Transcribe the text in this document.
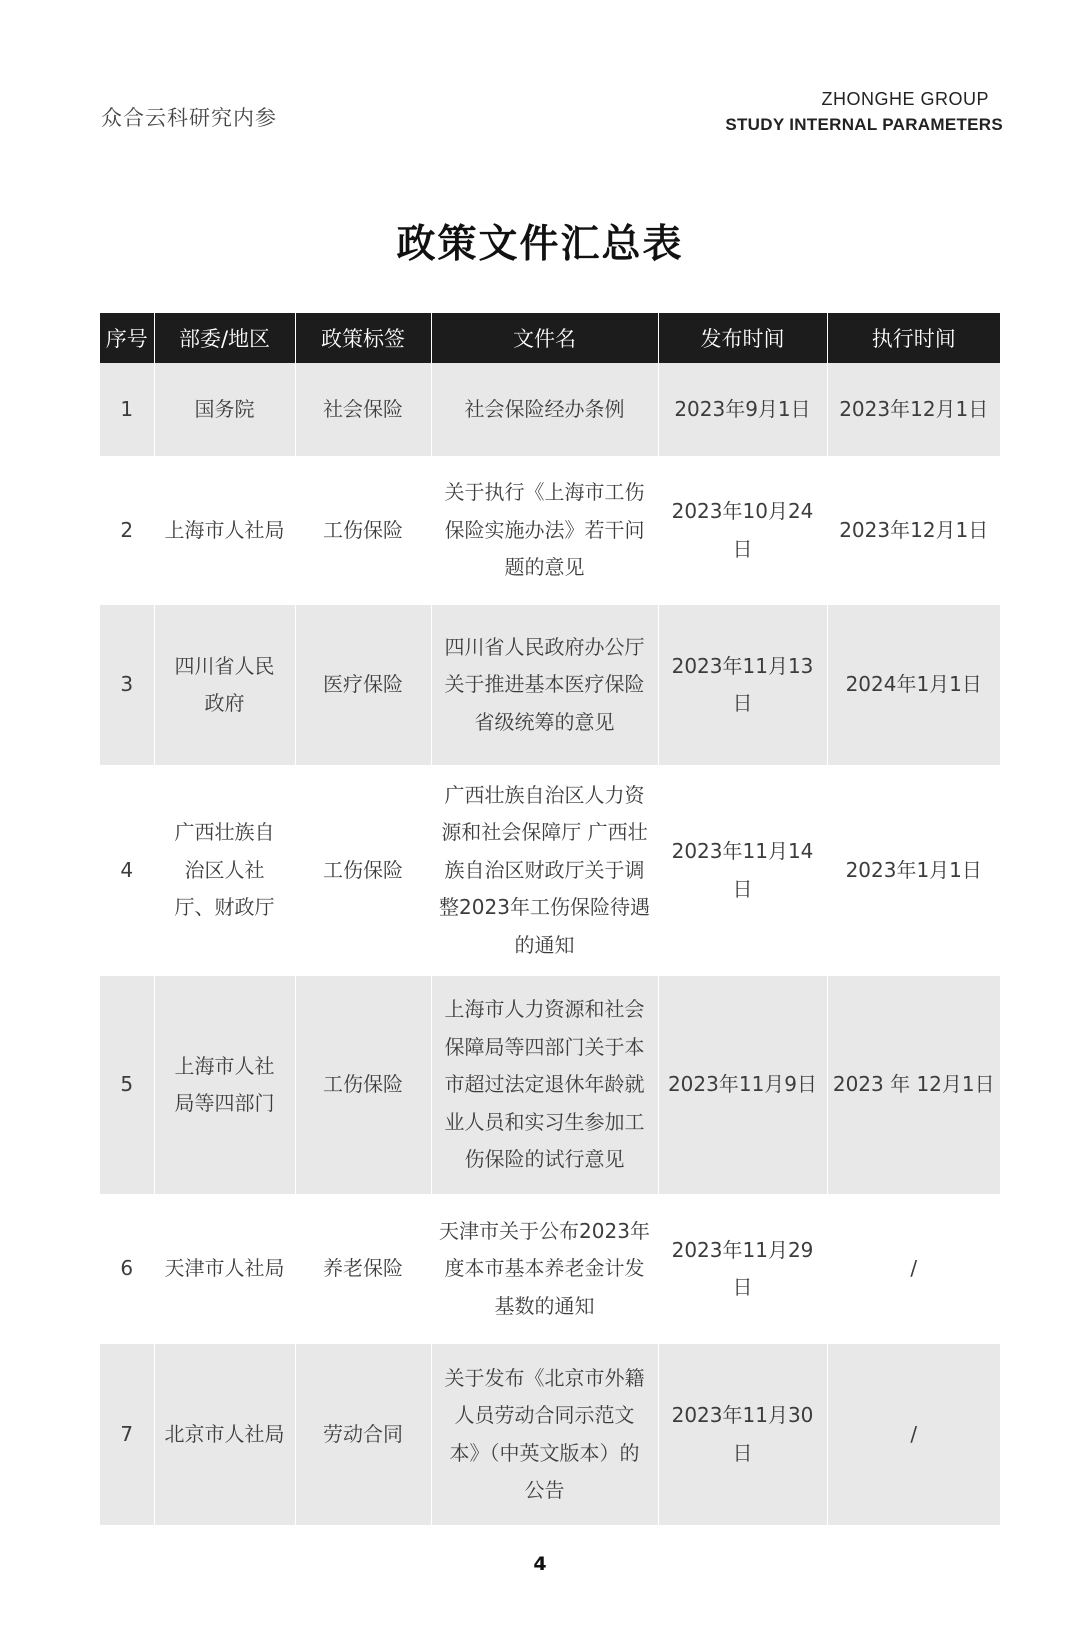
众合云科研究内参
ZHONGHE GROUP
STUDY INTERNAL PARAMETERS
政策文件汇总表
序号	部委/地区	政策标签	文件名	发布时间	执行时间
1	国务院	社会保险	社会保险经办条例	2023年9月1日	2023年12月1日
2	上海市人社局	工伤保险	关于执行《上海市工伤保险实施办法》若干问题的意见	2023年10月24日	2023年12月1日
3	四川省人民政府	医疗保险	四川省人民政府办公厅关于推进基本医疗保险省级统筹的意见	2023年11月13日	2024年1月1日
4	广西壮族自治区人社厅、财政厅	工伤保险	广西壮族自治区人力资源和社会保障厅 广西壮族自治区财政厅关于调整2023年工伤保险待遇的通知	2023年11月14日	2023年1月1日
5	上海市人社局等四部门	工伤保险	上海市人力资源和社会保障局等四部门关于本市超过法定退休年龄就业人员和实习生参加工伤保险的试行意见	2023年11月9日	2023 年 12月1日
6	天津市人社局	养老保险	天津市关于公布2023年度本市基本养老金计发基数的通知	2023年11月29日	/
7	北京市人社局	劳动合同	关于发布《北京市外籍人员劳动合同示范文本》（中英文版本）的公告	2023年11月30日	/
4
